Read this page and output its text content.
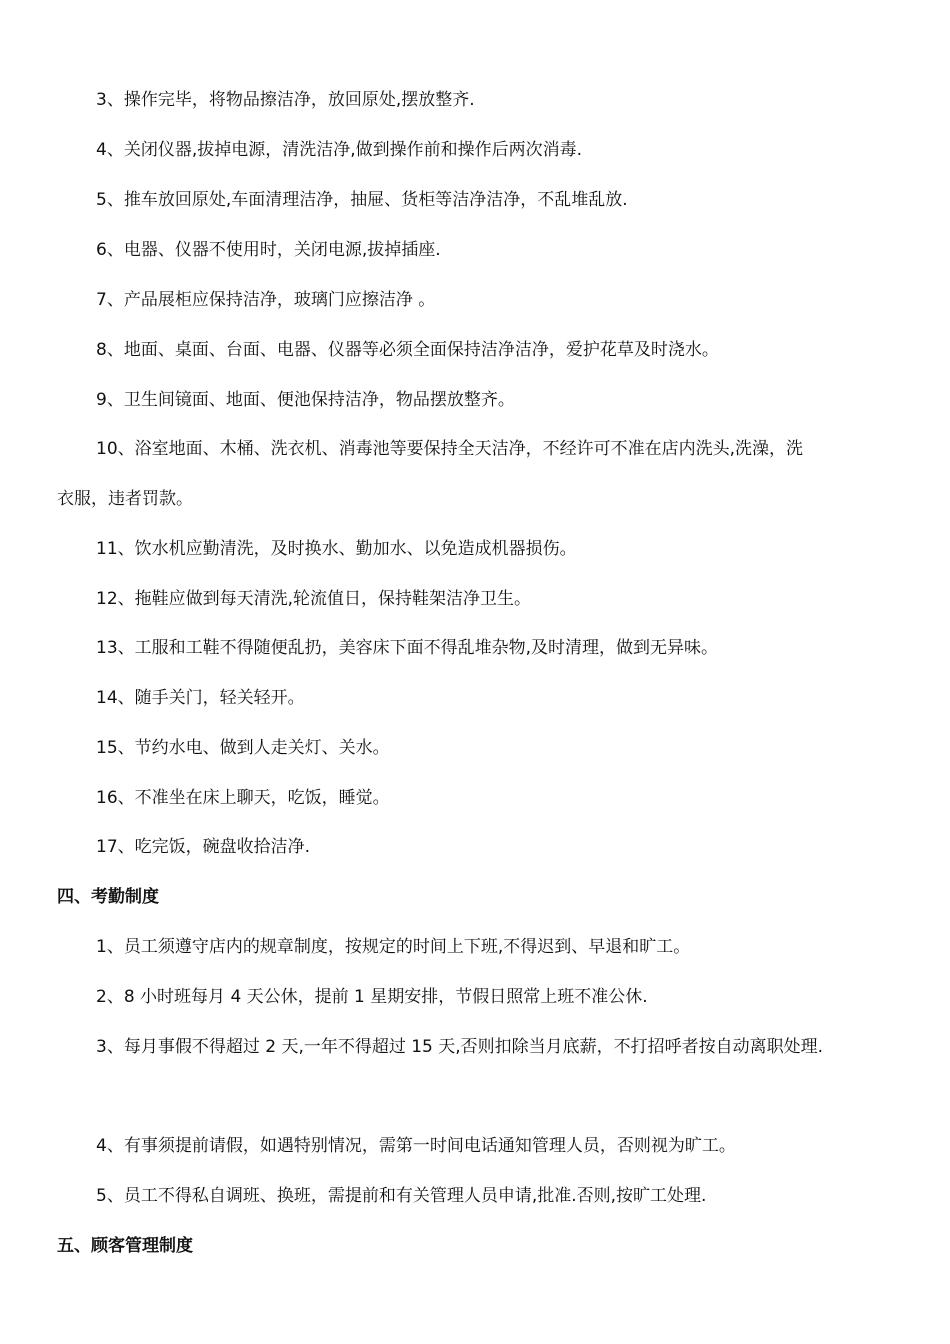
3、操作完毕，将物品擦洁净，放回原处,摆放整齐.
4、关闭仪器,拔掉电源，清洗洁净,做到操作前和操作后两次消毒.
5、推车放回原处,车面清理洁净，抽屉、货柜等洁净洁净，不乱堆乱放.
6、电器、仪器不使用时，关闭电源,拔掉插座.
7、产品展柜应保持洁净，玻璃门应擦洁净 。
8、地面、桌面、台面、电器、仪器等必须全面保持洁净洁净，爱护花草及时浇水。
9、卫生间镜面、地面、便池保持洁净，物品摆放整齐。
10、浴室地面、木桶、洗衣机、消毒池等要保持全天洁净，不经许可不准在店内洗头,洗澡，洗
衣服，违者罚款。
11、饮水机应勤清洗，及时换水、勤加水、以免造成机器损伤。
12、拖鞋应做到每天清洗,轮流值日，保持鞋架洁净卫生。
13、工服和工鞋不得随便乱扔，美容床下面不得乱堆杂物,及时清理，做到无异味。
14、随手关门，轻关轻开。
15、节约水电、做到人走关灯、关水。
16、不准坐在床上聊天，吃饭，睡觉。
17、吃完饭，碗盘收拾洁净.
四、考勤制度
1、员工须遵守店内的规章制度，按规定的时间上下班,不得迟到、早退和旷工。
2、8 小时班每月 4 天公休，提前 1 星期安排，节假日照常上班不准公休.
3、每月事假不得超过 2 天,一年不得超过 15 天,否则扣除当月底薪，不打招呼者按自动离职处理.
4、有事须提前请假，如遇特别情况，需第一时间电话通知管理人员，否则视为旷工。
5、员工不得私自调班、换班，需提前和有关管理人员申请,批准.否则,按旷工处理.
五、顾客管理制度
